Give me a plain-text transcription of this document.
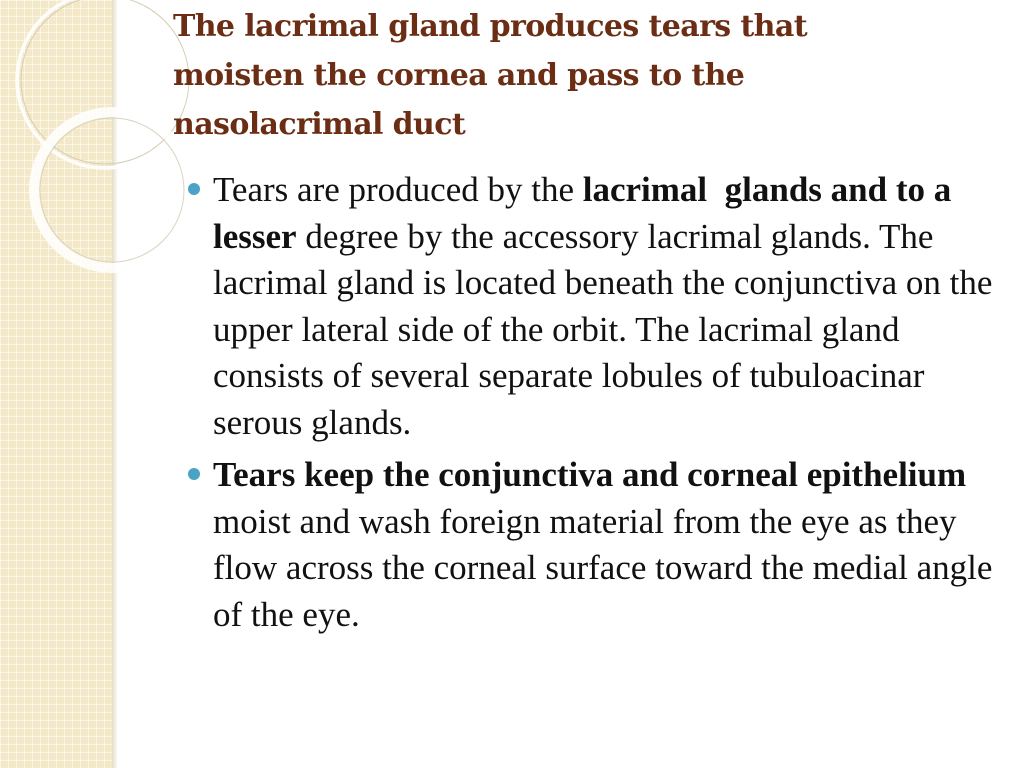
The lacrimal gland produces tears that moisten the cornea and pass to the nasolacrimal duct
Tears are produced by the lacrimal  glands and to a lesser degree by the accessory lacrimal glands. The lacrimal gland is located beneath the conjunctiva on the upper lateral side of the orbit. The lacrimal gland consists of several separate lobules of tubuloacinar serous glands.
Tears keep the conjunctiva and corneal epithelium moist and wash foreign material from the eye as they flow across the corneal surface toward the medial angle of the eye.
